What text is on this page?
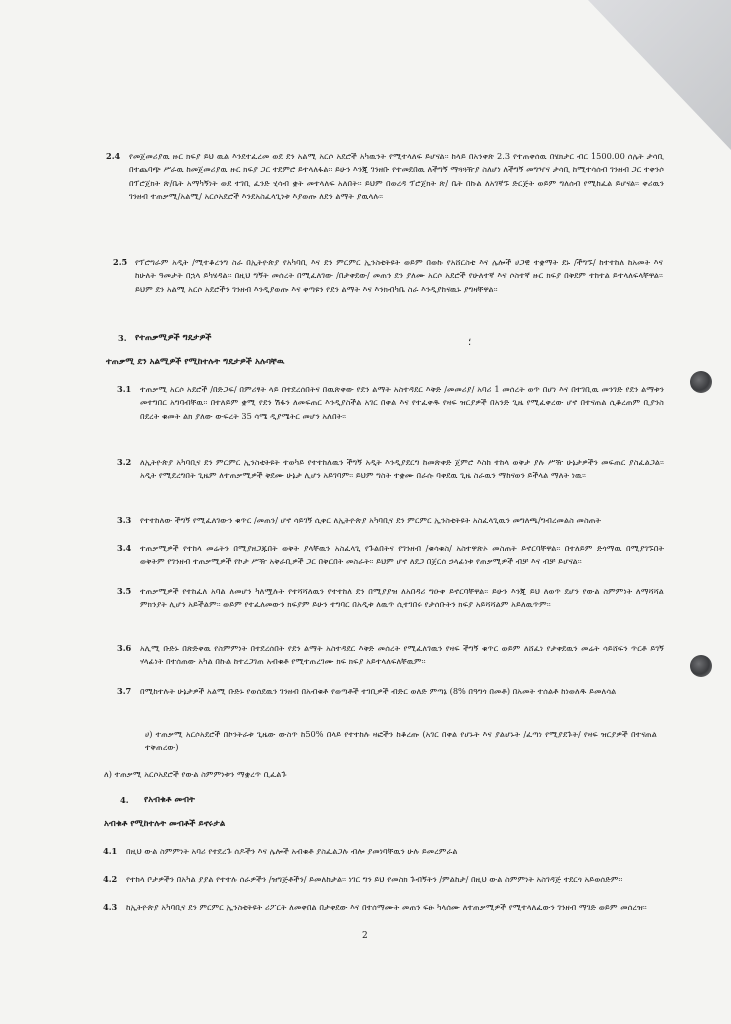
2.4 የመጀመሪያዉ ዙር ክፍያ ይህ ዉል እንደተፈረመ ወደ ደን አልሚ አርሶ አደሮች አካዉንት የሚተላለፍ ይሆናል፡፡ ከላይ በአንቀጽ 2.3 የተጠቀሰዉ በሄክታር ብር 1500.00 ሰሌት ታሳቢ በተጨባጭ ሥራዉ ከመጀመሪያዉ ዙር ክፍያ ጋር ተደምሮ ይተላለፋል፡፡ ይሁን እንጂ ገንዘቡ የተመደበዉ ለችግኝ ማጓጓዥያ ስለሆነ ለችግኝ መግዣና ታሳቢ ከሚተሳሰብ ገንዘብ ጋር ተቀንሶ በፕሮጀክት ጽ/ቤት አማካኝነት ወደ ተገቢ ፈንድ ሂሳብ ቋት መተላለፍ አለበት፡፡ ይህም በወረዳ ፕሮጀክት ጽ/ ቤት በኩል ለአገኛኙ ድርጅት ወይም ግለሰብ የሚከፈል ይሆናል፡፡ ቀሪዉን ገንዘብ ተጠቃሚ/አልሚ/ አርሶአደሮች እንደአስፈላጊነቱ እያወጡ ለደን ልማት ያዉላሉ፡፡
2.5 የፕሮግራም አዲት /ሚተቆረንግ ስራ በኢትዮጵያ የአካባቢ እና ደን ምርምር ኢንስቲትዩት ወይም በወኩ የአሸርስቲ እና ሌሎች ሀጋዊ ተቋማት ደኑ /ችግኙ/ ከተተከለ ከአመት እና ከሁለት ዓመታት በኋላ ይካሄዳል፡፡ በዚህ ግኝት መሰረት በሚፈለገው /በታቀደው/ መጠን ደን ያለሙ አርሶ አደሮች የሁለተኛ እና ሶስተኛ ዙር ክፍያ በቅደም ተከተል ይተላለፍላቸዋል፡፡ ይህም ደን አልሚ አርሶ አደሮችን ገንዘብ እንዲያወጡ እና ቀጣዩን የደን ልማት እና እንክብካቤ ስራ እንዲያከናዉኑ ያግዛቸዋል፡፡
3. የተጠቃሚዎች ግዴታዎች	؛
ተጠቃሚ ደን አልሚዎች የሚከተሉት ግዴታዎች አሉባቸዉ
3.1 ተጠቃሚ አርሶ አደሮች /በድጋፍ/ በምሪፃት ላይ በተደረሰበትና በዉጽቀው የደን ልማት አስተዳደር እቅድ /መመሪያ/ አባሪ 1 መሰረት ወጥ በሆነ እና በተገቢዉ መንገድ የደን ልማቱን መተግበር አግባብቸዉ፡፡ በተለይም ቋሚ የደን ሽፋን ለመፍጠር እንዲያስችል አገር በቀል እና የተፈቀዱ የዛፍ ዝርያዎች በአንድ ጊዜ የሚፈቀረው ሆኖ በተናጠል ሲቆረጠም ቢያንስ በደረት ቁመት ልክ ያለው ውፍረት 35 ሳሜ ዲያሜትር መሆን አለበት፡፡
3.2 ለኢትዮጵያ አካባቢና ደን ምርምር ኢንስቲትዩት ተወካይ የተተከለዉን ችግኝ አዲት እንዲያደርግ ከመጽቀድ ጀምሮ እስከ ተከላ ወቅታ ያሉ ሥዥ ሁኔታዎችን መፍጠር ያስፈልጋል፡፡ አዲት የሚደረግበት ጊዜም ለተጠቃሚዎች ቅደሙ ሁኔታ ሊሆን አይገባም፡፡ ይህም ግስት ተቋሙ በራሱ ባቀደዉ ጊዜ ስራዉን ማከናወን ይችላል ማለት ነዉ፡፡
3.3 የተተከለው ችግኝ የሚፈለገውን ቁጥር /መጠን/ ሆኖ ሳይገኝ ሲቀር ለኢትዮጵያ አካባቢና ደን ምርምር ኢንስቲትዩት አስፈላጊዉን መግለጫ/ግብረመልስ መስጠት
3.4 ተጠቃሚዎች የተከላ መሬትን በሚያዘጋጁበት ወቅት ያላቸዉን አስፈላጊ የጉልበትና የገንዘብ /ቁሳቁስ/ አስተዋጽኦ መስጠት ይኖርባቸዋል፡፡ በተለይም ድጎማዉ በሚያገኙበት ወቅትም የገንዘብ ተጠቃሚዎች የኮታ ሥዥ አቅራቢዎች ጋር በቅርበት መስራት፡፡ ይህም ሆኖ ለደጋ በጀርሰ ኃላፊነቱ የጠቃሚዎች ብቻ እና ብቻ ይሆናል፡፡
3.5 ተጠቃሚዎች የተከፈለ አባል ለመሆን ካለሟሉት የተሻሻለዉን የተተከለ ደን በሚያያዝ ለአበዳሪ ግዑቀ ይኖርባቸዋል፡፡ ይሁን እንጂ ይህ ለወጥ ደሆን የውል ስምምነት ለማሻሻል ምክንያት ሊሆን አይችልም፡፡ ወይም የተፈለመውን ክፍያም ይሁን ተግባር በአዲቱ ለዉጥ ሲተገበሩ የታሰቡትን ክፍያ አይሻሻልም አይለዉጥም፡፡
3.6 አሊሚ ቡድኑ በጽድቀዉ የስምምነት በተደረሰበት የደን ልማት አስተዳደር እቅድ መሰረት የሚፈለገዉን የዛፍ ችግኝ ቁጥር ወይም ለሸፈነ የታቀደዉን መሬት ሳይሸፍን ጥርቶ ይገኝ ሃላፊነት በተሰጠው አካል በኩል ከተረጋገጠ አብቁቶ የሚተጠረገሙ ክፍ ክፍያ አይተላለፍለቸዉም፡፡
3.7 በሚከተሉት ሁኔታዎች አልሚ ቡድኑ የወሰደዉን ገንዘብ በአብቁቶ የወጣቶች ተገቢዎች ብድር ወለድ ምጣኔ (8% በዓግጎ በመቶ) በአመት ተሰልቶ ከነወለዱ ይመለሳል
ሀ) ተጠቃሚ አርሶአደሮች በኮንትራቱ ጊዜው ውስጥ ከ50% በላይ የተተከሉ ዛፎችን ከቆረጡ (አገር በቀል የሆኑት እና ያልሆኑት /ፈጣነ የሚያደጉት/ የዛፍ ዝርያዎች በተናጠል ተቅጠረው)
ለ) ተጠቃሚ አርሶአደሮች የውል ስምምነቱን ማቋረጥ ቢፈልጉ
4. የአብቁቶ መብት
አብቁቶ የሚከተሉት መብቶች ይኖሩታል
4.1 በዚህ ውል ስምምነት አባሪ የተደረጉ ሰዶችን እና ሌሎች አብቁቶ ያስፈልጋሉ ብሎ ያመነባቸዉን ሁሉ ይመረምራል
4.2 የተከላ ቦታዎችን በአካል ያያል የተተሉ ሰራዎችን /ዝግጅቶችን/ ይመለከታል፡፡ ነገር ግን ይህ የመስክ ጉብኝትን /ምልከታ/ በዚህ ውል ስምምነት አስገዳጅ ተደርጎ አይወሰድም፡፡
4.3 ከኢትዮጵያ አካባቢና ደን ምርምር ኢንስቲትዩት ሪፖርት ለመቀበል በታቀደው እና በተሰማሙት መጠን ፍፁ ካላሰሙ ለተጠቃሚዎች የሚተላለፈውን ገንዘብ ማገድ ወይም መሰረዝ፡፡
2
